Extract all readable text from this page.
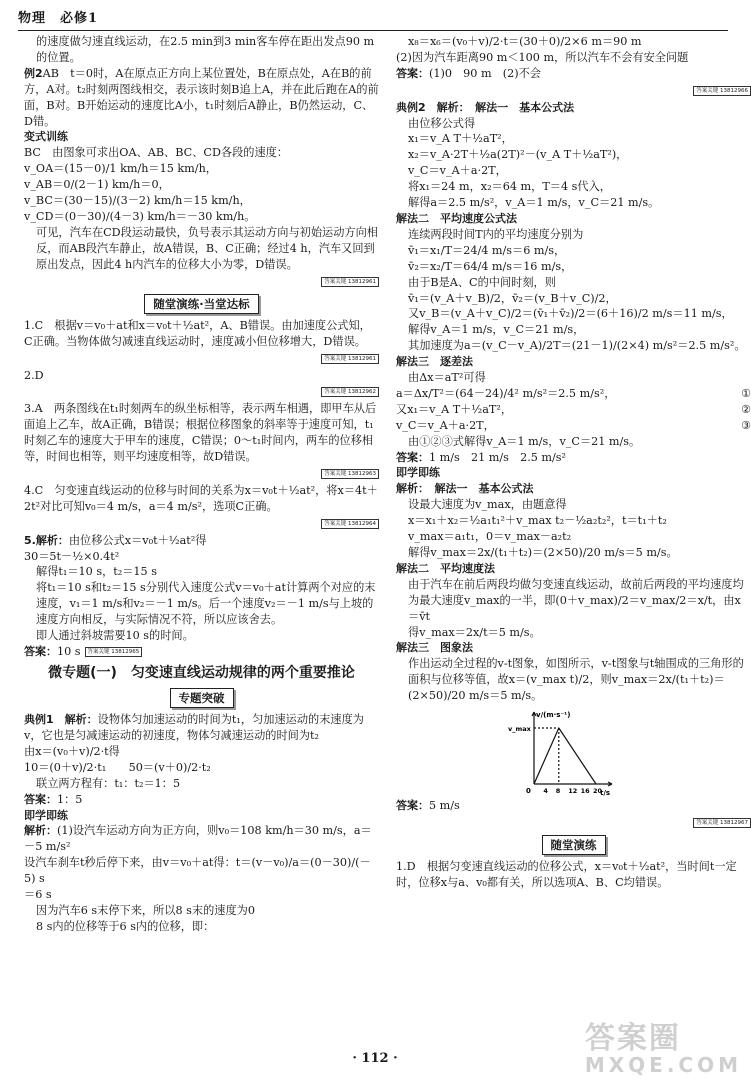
物理　必修1

的速度做匀速直线运动，在2.5 min到3 min客车停在距出发点90 m的位置。

例2AB　t＝0时，A在原点正方向上某位置处，B在原点处，A在B的前方，A对。t₂时刻两图线相交，表示该时刻B追上A，并在此后跑在A的前面，B对。B开始运动的速度比A小，t₁时刻后A静止，B仍然运动，C、D错。

变式训练

BC　由图象可求出OA、AB、BC、CD各段的速度：

v_OA＝(15－0)/1 km/h＝15 km/h，

v_AB＝0/(2－1) km/h＝0，

v_BC＝(30－15)/(3－2) km/h＝15 km/h，

v_CD＝(0－30)/(4－3) km/h＝－30 km/h。

可见，汽车在CD段运动最快，负号表示其运动方向与初始运动方向相反，而AB段汽车静止，故A错误，B、C正确；经过4 h，汽车又回到原出发点，因此4 h内汽车的位移大小为零，D错误。

答案关键 13812961
随堂演练·当堂达标

1.C　根据v＝v₀＋at和x＝v₀t＋½at²，A、B错误。由加速度公式知，C正确。当物体做匀减速直线运动时，速度减小但位移增大，D错误。

答案关键 13812961

2.D

答案关键 13812962

3.A　两条图线在t₁时刻两车的纵坐标相等，表示两车相遇，即甲车从后面追上乙车，故A正确，B错误；根据位移图象的斜率等于速度可知，t₁时刻乙车的速度大于甲车的速度，C错误；0～t₁时间内，两车的位移相等，时间也相等，则平均速度相等，故D错误。

答案关键 13812963

4.C　匀变速直线运动的位移与时间的关系为x＝v₀t＋½at²，将x＝4t＋2t²对比可知v₀＝4 m/s，a＝4 m/s²，选项C正确。

答案关键 13812964

5.解析：由位移公式x＝v₀t＋½at²得

30＝5t－½×0.4t²

解得t₁＝10 s，t₂＝15 s

将t₁＝10 s和t₂＝15 s分别代入速度公式v＝v₀＋at计算两个对应的末速度，v₁＝1 m/s和v₂＝－1 m/s。后一个速度v₂＝－1 m/s与上坡的速度方向相反，与实际情况不符，所以应该舍去。

即人通过斜坡需要10 s的时间。

答案：10 s 答案关键 13812965

微专题(一)　匀变速直线运动规律的两个重要推论
专题突破

典例1　解析：设物体匀加速运动的时间为t₁，匀加速运动的末速度为v，它也是匀减速运动的初速度，物体匀减速运动的时间为t₂

由x＝(v₀＋v)/2·t得

10＝(0＋v)/2·t₁　　50＝(v＋0)/2·t₂

联立两方程有：t₁：t₂＝1：5

答案：1：5

即学即练

解析：(1)设汽车运动方向为正方向，则v₀＝108 km/h＝30 m/s，a＝－5 m/s²

设汽车刹车t秒后停下来，由v＝v₀＋at得：t＝(v－v₀)/a＝(0－30)/(－5) s

＝6 s

因为汽车6 s末停下来，所以8 s末的速度为0

8 s内的位移等于6 s内的位移，即：

x₈＝x₆＝(v₀＋v)/2·t＝(30＋0)/2×6 m＝90 m

(2)因为汽车距离90 m＜100 m，所以汽车不会有安全问题

答案：(1)0　90 m　(2)不会

答案关键 13812966

典例2　解析：　解法一　基本公式法

由位移公式得

x₁＝v_A T＋½aT²，

x₂＝v_A·2T＋½a(2T)²－(v_A T＋½aT²)，

v_C＝v_A＋a·2T，

将x₁＝24 m，x₂＝64 m，T＝4 s代入，

解得a＝2.5 m/s²，v_A＝1 m/s，v_C＝21 m/s。

解法二　平均速度公式法

连续两段时间T内的平均速度分别为

v̄₁＝x₁/T＝24/4 m/s＝6 m/s，

v̄₂＝x₂/T＝64/4 m/s＝16 m/s，

由于B是A、C的中间时刻，则

v̄₁＝(v_A＋v_B)/2，v̄₂＝(v_B＋v_C)/2，

又v_B＝(v_A＋v_C)/2＝(v̄₁＋v̄₂)/2＝(6＋16)/2 m/s＝11 m/s，

解得v_A＝1 m/s，v_C＝21 m/s，

其加速度为a＝(v_C－v_A)/2T＝(21－1)/(2×4) m/s²＝2.5 m/s²。

解法三　逐差法

由Δx＝aT²可得

a＝Δx/T²＝(64－24)/4² m/s²＝2.5 m/s²，	①
又x₁＝v_A T＋½aT²，	②
v_C＝v_A＋a·2T，	③

由①②③式解得v_A＝1 m/s，v_C＝21 m/s。

答案：1 m/s　21 m/s　2.5 m/s²

即学即练

解析：　解法一　基本公式法

设最大速度为v_max，由题意得

x＝x₁＋x₂＝½a₁t₁²＋v_max t₂－½a₂t₂²，t＝t₁＋t₂

v_max＝a₁t₁，0＝v_max－a₂t₂

解得v_max＝2x/(t₁＋t₂)＝(2×50)/20 m/s＝5 m/s。

解法二　平均速度法

由于汽车在前后两段均做匀变速直线运动，故前后两段的平均速度均为最大速度v_max的一半，即(0＋v_max)/2＝v_max/2＝x/t，由x＝v̄t

得v_max＝2x/t＝5 m/s。

解法三　图象法

作出运动全过程的v-t图象，如图所示，v-t图象与t轴围成的三角形的面积与位移等值，故x＝(v_max t)/2，则v_max＝2x/(t₁＋t₂)＝

(2×50)/20 m/s＝5 m/s。

v/(m·s⁻¹)
t/s
v_max
0 4 8 12 16 20

答案：5 m/s

答案关键 13812967
随堂演练

1.D　根据匀变速直线运动的位移公式，x＝v₀t＋½at²，当时间t一定时，位移x与a、v₀都有关，所以选项A、B、C均错误。

· 112 ·
答案圈
MXQE.COM
